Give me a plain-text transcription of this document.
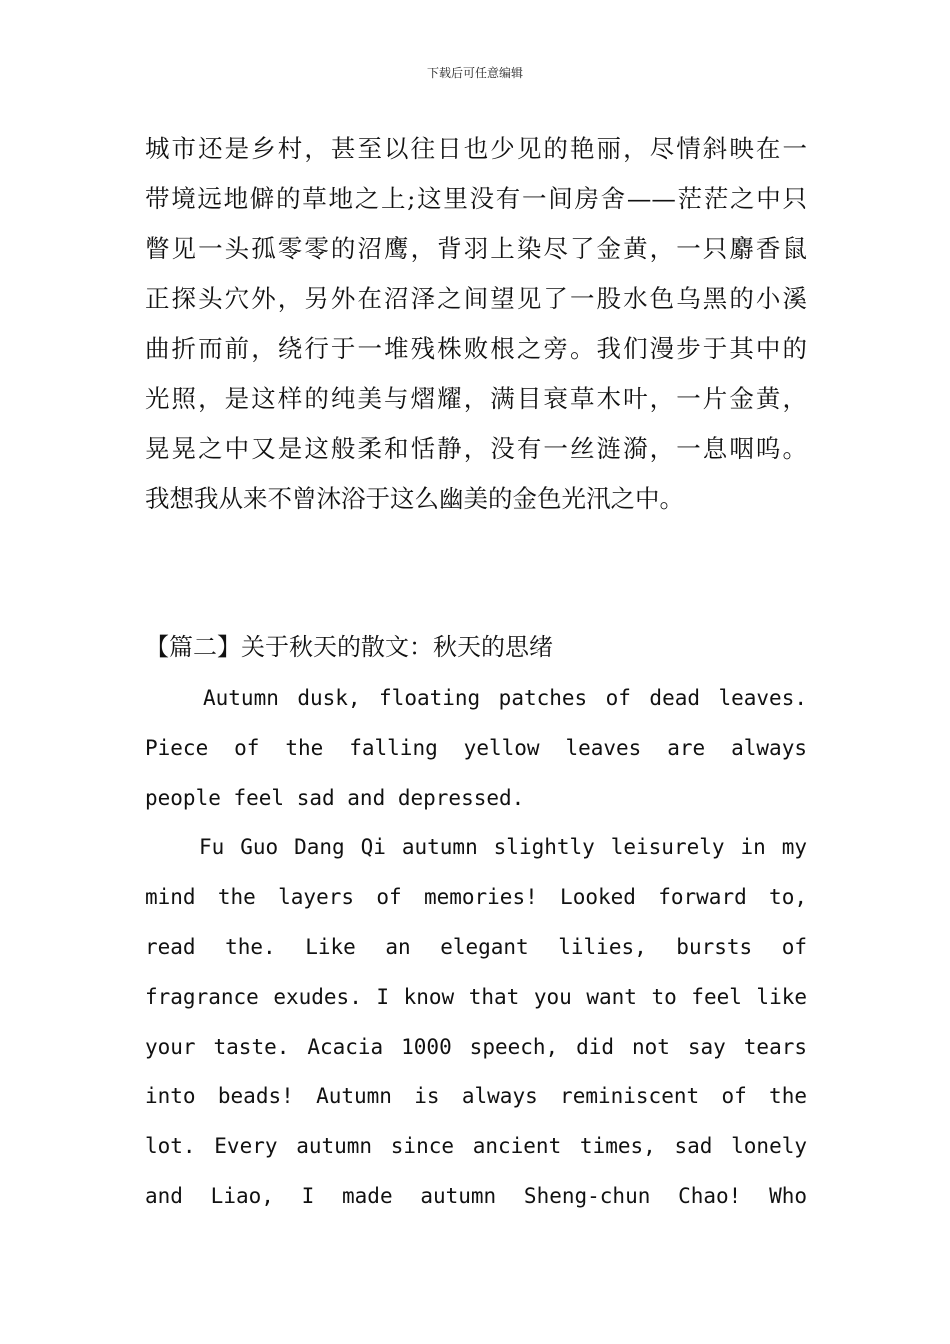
下载后可任意编辑
城市还是乡村，甚至以往日也少见的艳丽，尽情斜映在一
带境远地僻的草地之上;这里没有一间房舍——茫茫之中只
瞥见一头孤零零的沼鹰，背羽上染尽了金黄，一只麝香鼠
正探头穴外，另外在沼泽之间望见了一股水色乌黑的小溪
曲折而前，绕行于一堆残株败根之旁。我们漫步于其中的
光照，是这样的纯美与熠耀，满目衰草木叶，一片金黄，
晃晃之中又是这般柔和恬静，没有一丝涟漪，一息咽呜。
我想我从来不曾沐浴于这么幽美的金色光汛之中。
【篇二】关于秋天的散文：秋天的思绪
Autumn dusk, floating patches of dead leaves.
Piece of the falling yellow leaves are always
people feel sad and depressed.
Fu Guo Dang Qi autumn slightly leisurely in my
mind the layers of memories! Looked forward to,
read the. Like an elegant lilies, bursts of
fragrance exudes. I know that you want to feel like
your taste. Acacia 1000 speech, did not say tears
into beads! Autumn is always reminiscent of the
lot. Every autumn since ancient times, sad lonely
and Liao, I made autumn Sheng-chun Chao! Who
